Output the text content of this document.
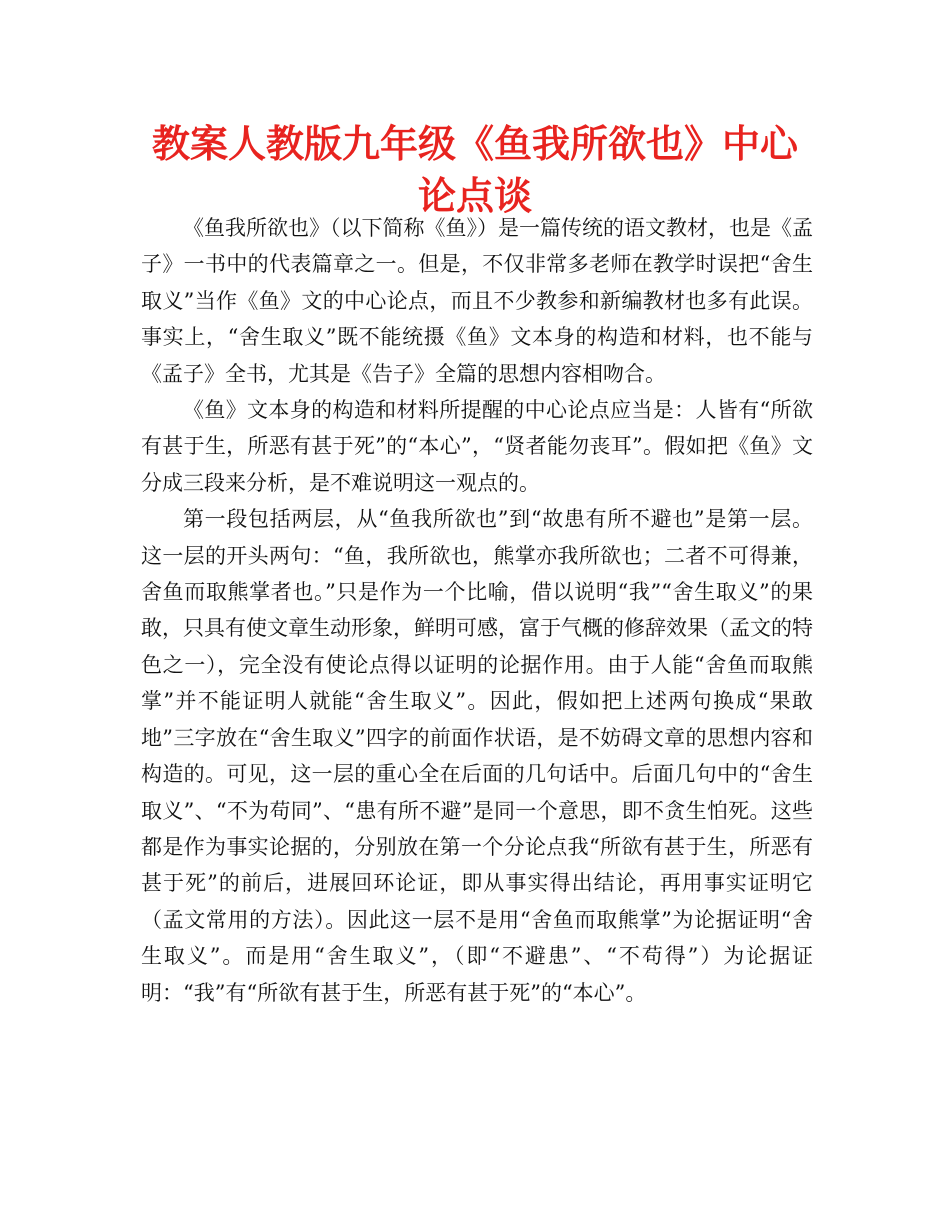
教案人教版九年级《鱼我所欲也》中心论点谈

《鱼我所欲也》（以下简称《鱼》）是一篇传统的语文教材，也是《孟子》一书中的代表篇章之一。但是，不仅非常多老师在教学时误把“舍生取义”当作《鱼》文的中心论点，而且不少教参和新编教材也多有此误。事实上，“舍生取义”既不能统摄《鱼》文本身的构造和材料，也不能与《孟子》全书，尤其是《告子》全篇的思想内容相吻合。

《鱼》文本身的构造和材料所提醒的中心论点应当是：人皆有“所欲有甚于生，所恶有甚于死”的“本心”，“贤者能勿丧耳”。假如把《鱼》文分成三段来分析，是不难说明这一观点的。

第一段包括两层，从“鱼我所欲也”到“故患有所不避也”是第一层。这一层的开头两句：“鱼，我所欲也，熊掌亦我所欲也；二者不可得兼，舍鱼而取熊掌者也。”只是作为一个比喻，借以说明“我”“舍生取义”的果敢，只具有使文章生动形象，鲜明可感，富于气概的修辞效果（孟文的特色之一），完全没有使论点得以证明的论据作用。由于人能“舍鱼而取熊掌”并不能证明人就能“舍生取义”。因此，假如把上述两句换成“果敢地”三字放在“舍生取义”四字的前面作状语，是不妨碍文章的思想内容和构造的。可见，这一层的重心全在后面的几句话中。后面几句中的“舍生取义”、“不为苟同”、“患有所不避”是同一个意思，即不贪生怕死。这些都是作为事实论据的，分别放在第一个分论点我“所欲有甚于生，所恶有甚于死”的前后，进展回环论证，即从事实得出结论，再用事实证明它（孟文常用的方法）。因此这一层不是用“舍鱼而取熊掌”为论据证明“舍生取义”。而是用“舍生取义”，（即“不避患”、“不苟得”）为论据证明：“我”有“所欲有甚于生，所恶有甚于死”的“本心”。
